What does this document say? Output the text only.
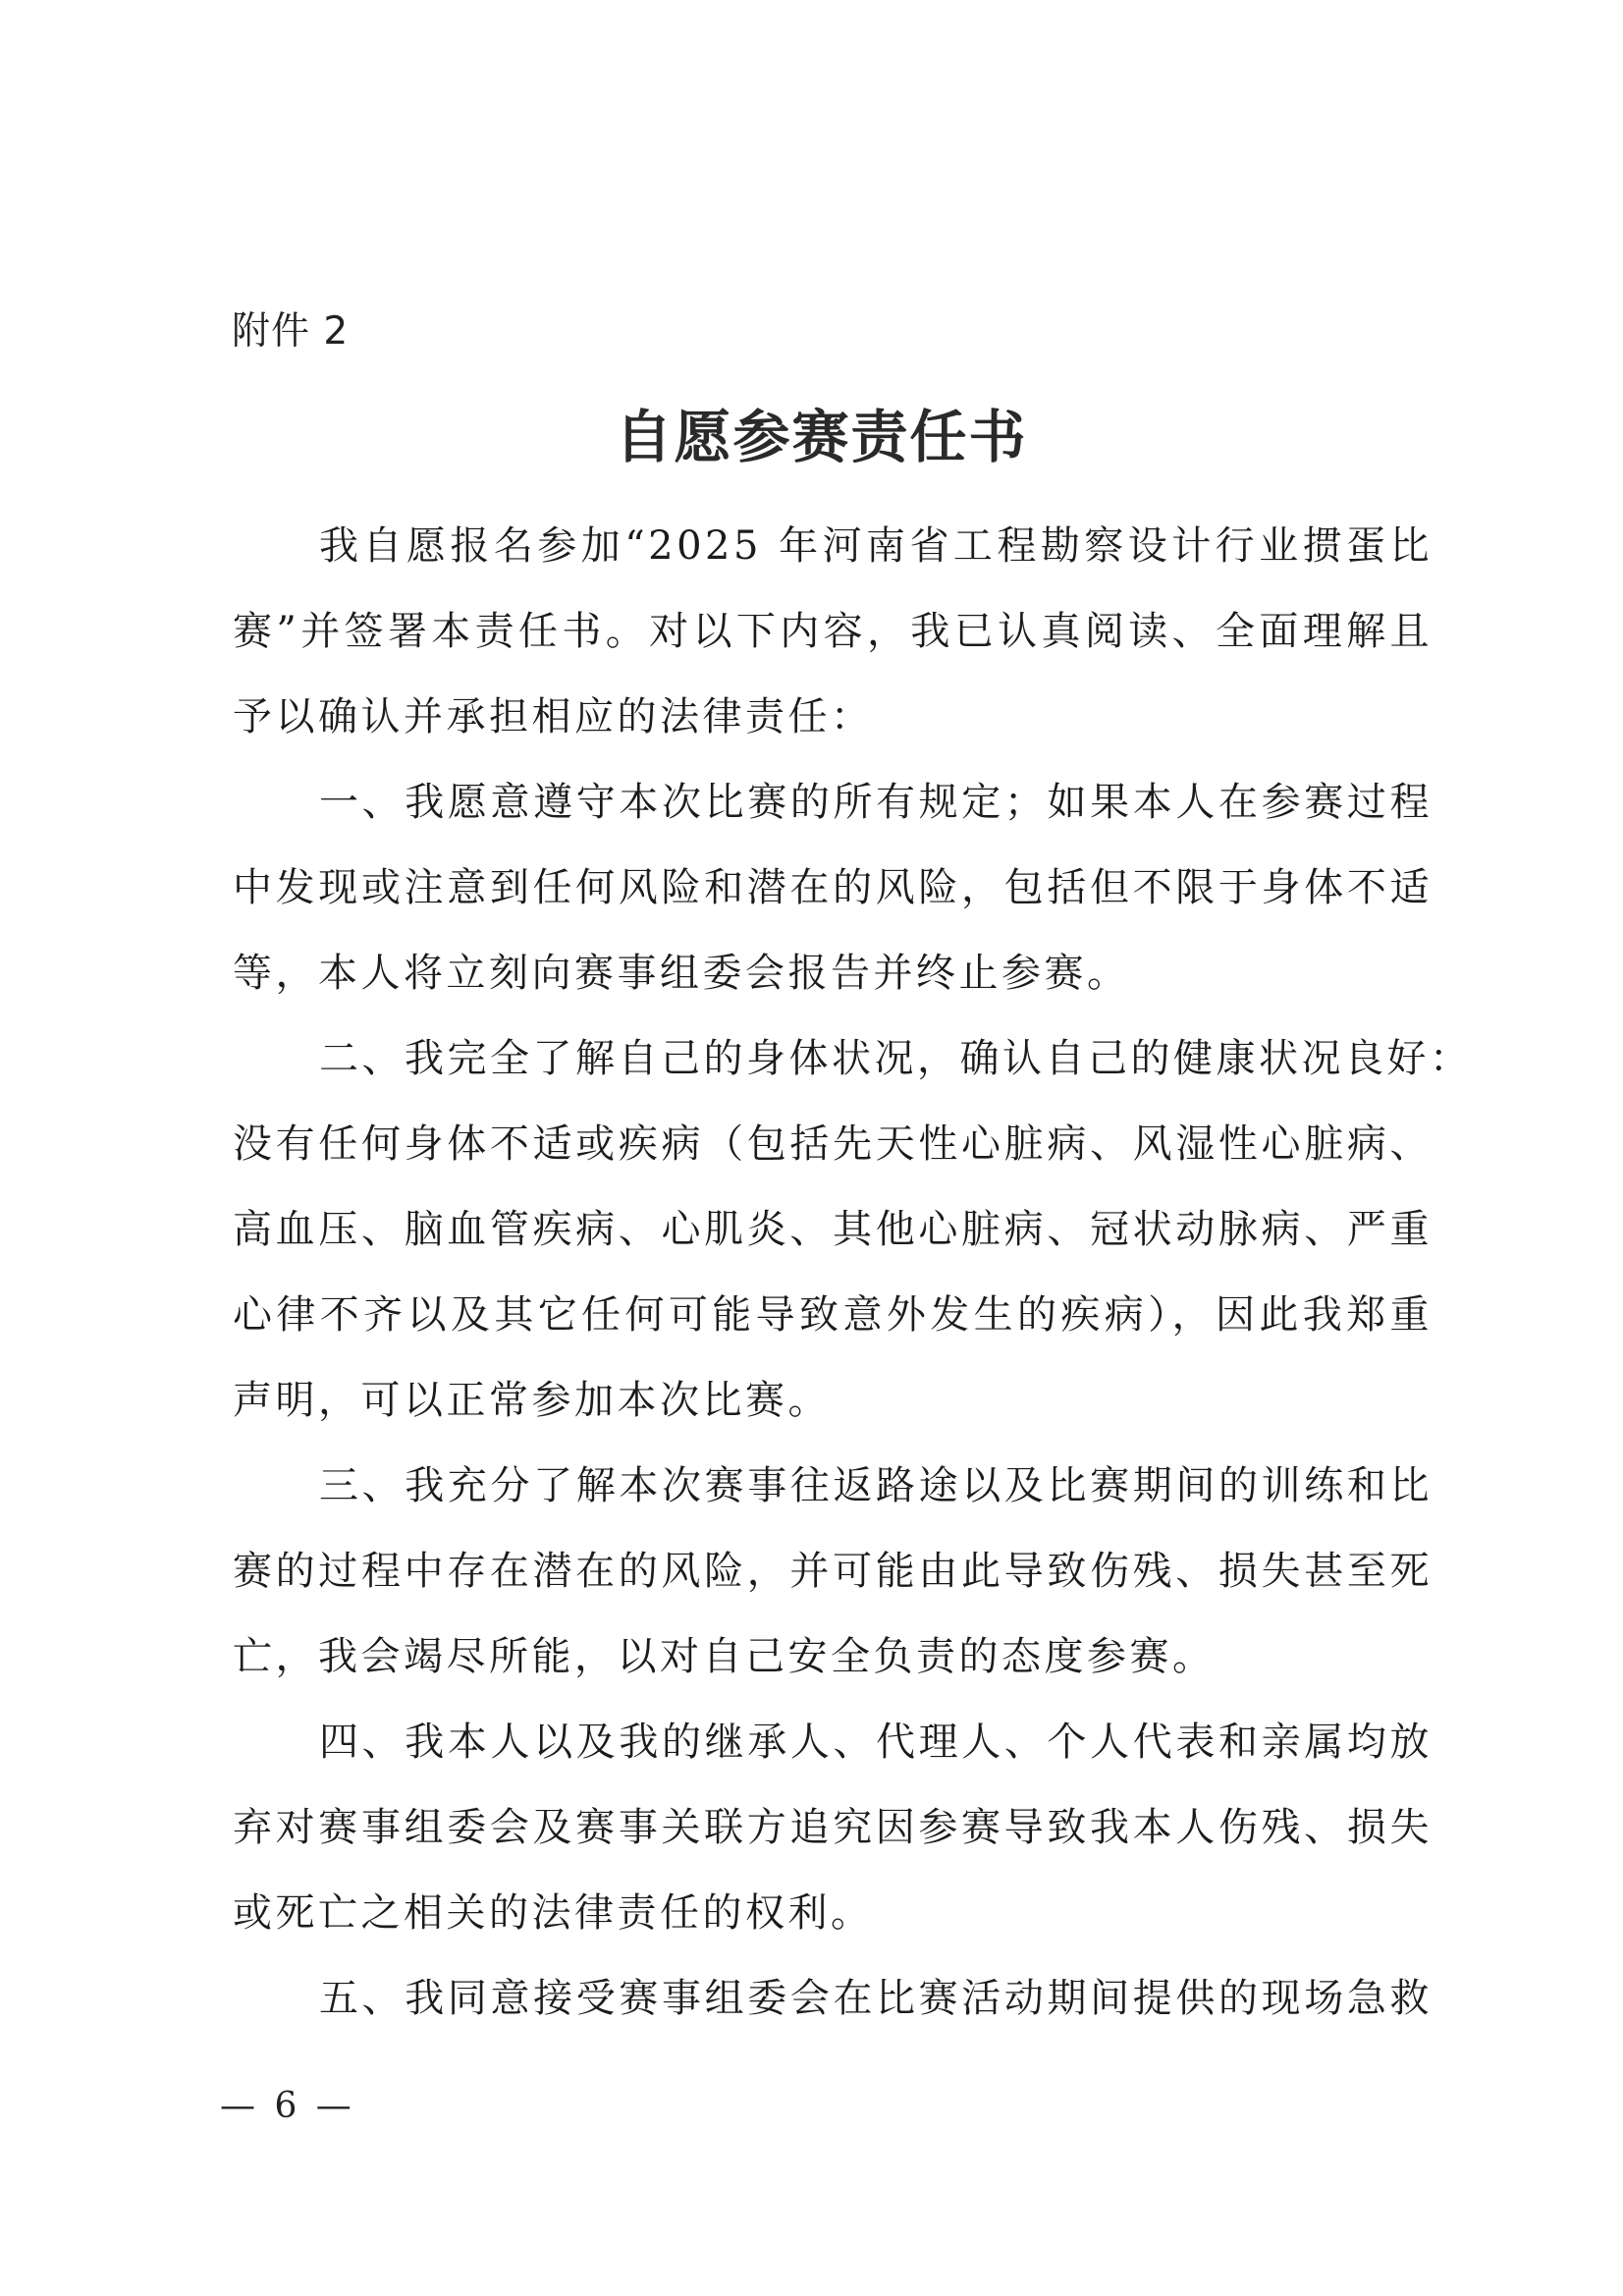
附件 2
自愿参赛责任书
我自愿报名参加“2025 年河南省工程勘察设计行业掼蛋比
赛”并签署本责任书。对以下内容，我已认真阅读、全面理解且
予以确认并承担相应的法律责任：
一、我愿意遵守本次比赛的所有规定；如果本人在参赛过程
中发现或注意到任何风险和潜在的风险，包括但不限于身体不适
等，本人将立刻向赛事组委会报告并终止参赛。
二、我完全了解自己的身体状况，确认自己的健康状况良好：
没有任何身体不适或疾病（包括先天性心脏病、风湿性心脏病、
高血压、脑血管疾病、心肌炎、其他心脏病、冠状动脉病、严重
心律不齐以及其它任何可能导致意外发生的疾病），因此我郑重
声明，可以正常参加本次比赛。
三、我充分了解本次赛事往返路途以及比赛期间的训练和比
赛的过程中存在潜在的风险，并可能由此导致伤残、损失甚至死
亡，我会竭尽所能，以对自己安全负责的态度参赛。
四、我本人以及我的继承人、代理人、个人代表和亲属均放
弃对赛事组委会及赛事关联方追究因参赛导致我本人伤残、损失
或死亡之相关的法律责任的权利。
五、我同意接受赛事组委会在比赛活动期间提供的现场急救
— 6 —
